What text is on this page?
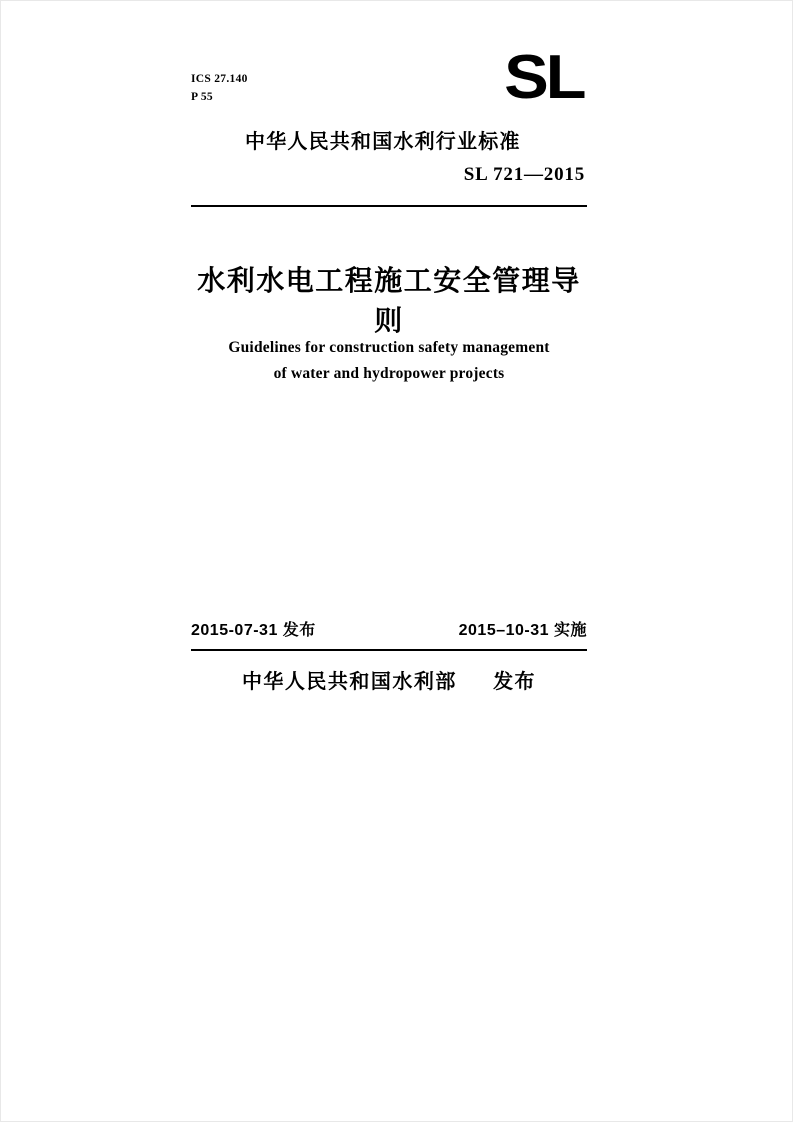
ICS 27.140
P 55	SL
中华人民共和国水利行业标准
SL 721—2015
水利水电工程施工安全管理导则
Guidelines for construction safety management
of water and hydropower projects
2015-07-31 发布	2015–10-31 实施
中华人民共和国水利部 发布
